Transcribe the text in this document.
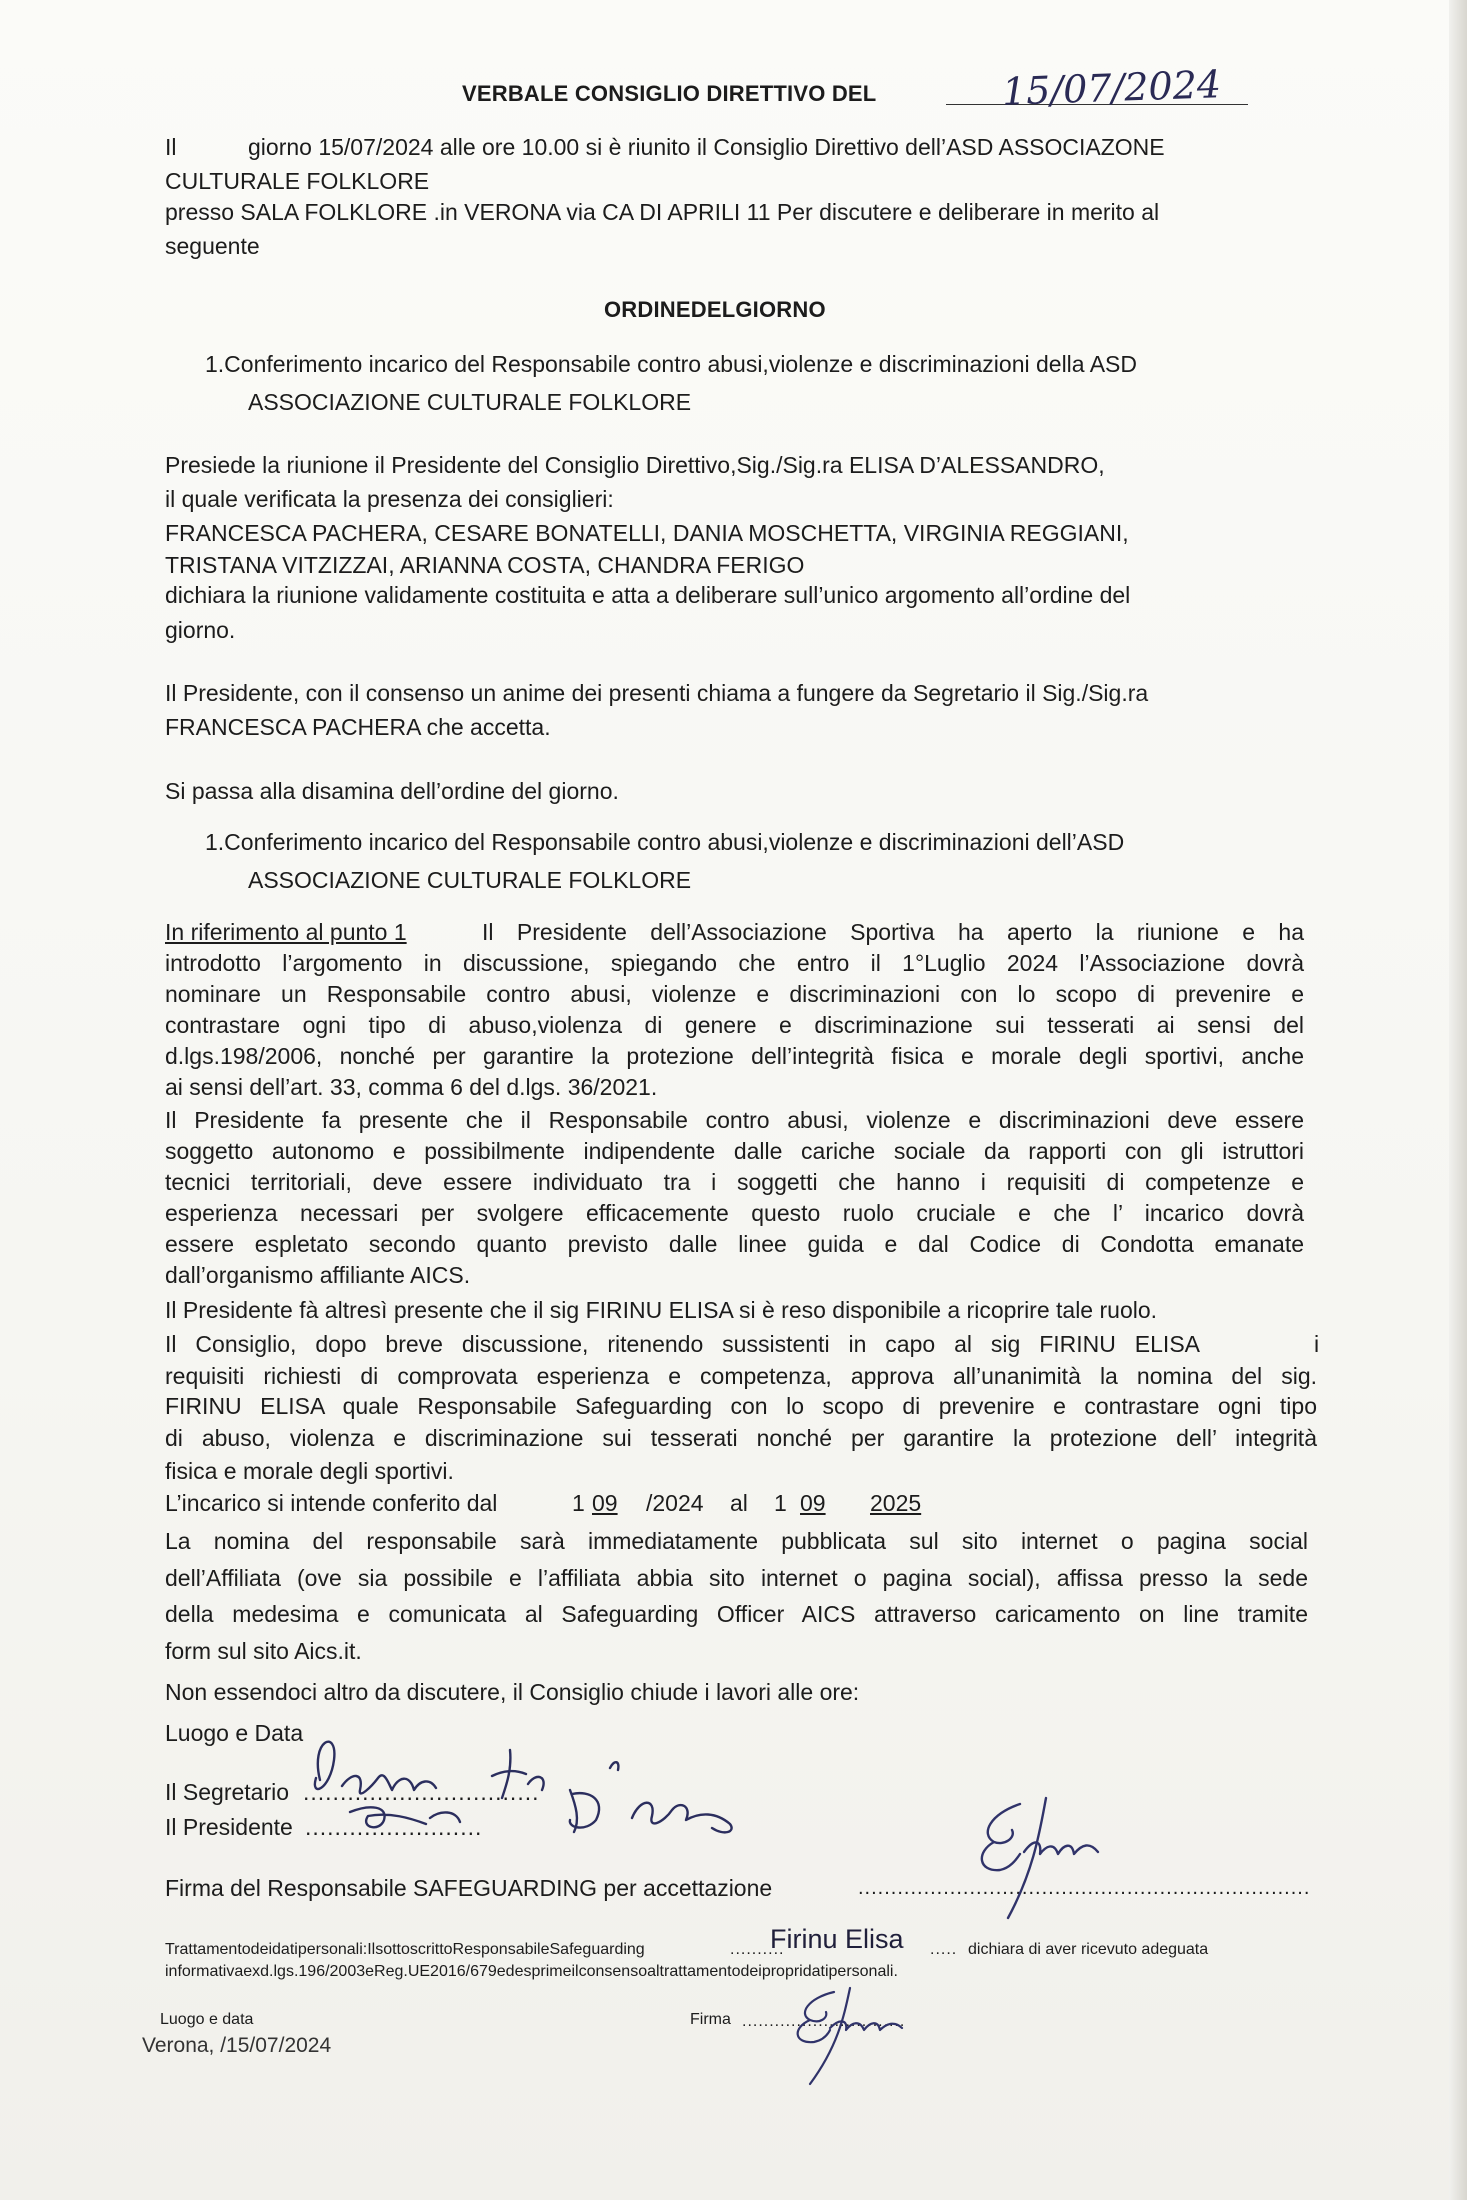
VERBALE CONSIGLIO DIRETTIVO DEL	15/07/2024
Il	giorno 15/07/2024 alle ore 10.00 si è riunito il Consiglio Direttivo dell’ASD ASSOCIAZONE
CULTURALE FOLKLORE
presso SALA FOLKLORE .in VERONA via CA DI APRILI 11 Per discutere e deliberare in merito al
seguente
ORDINEDELGIORNO
1.Conferimento incarico del Responsabile contro abusi,violenze e discriminazioni della ASD
ASSOCIAZIONE CULTURALE FOLKLORE
Presiede la riunione il Presidente del Consiglio Direttivo,Sig./Sig.ra ELISA D’ALESSANDRO,
il quale verificata la presenza dei consiglieri:
FRANCESCA PACHERA, CESARE BONATELLI, DANIA MOSCHETTA, VIRGINIA REGGIANI,
TRISTANA VITZIZZAI, ARIANNA COSTA, CHANDRA FERIGO
dichiara la riunione validamente costituita e atta a deliberare sull’unico argomento all’ordine del
giorno.
Il Presidente, con il consenso un anime dei presenti chiama a fungere da Segretario il Sig./Sig.ra
FRANCESCA PACHERA che accetta.
Si passa alla disamina dell’ordine del giorno.
1.Conferimento incarico del Responsabile contro abusi,violenze e discriminazioni dell’ASD
ASSOCIAZIONE CULTURALE FOLKLORE
In riferimento al punto 1	Il Presidente dell’Associazione Sportiva ha aperto la riunione e ha
introdotto l’argomento in discussione, spiegando che entro il 1°Luglio 2024 l’Associazione dovrà
nominare un Responsabile contro abusi, violenze e discriminazioni con lo scopo di prevenire e
contrastare ogni tipo di abuso,violenza di genere e discriminazione sui tesserati ai sensi del
d.lgs.198/2006, nonché per garantire la protezione dell’integrità fisica e morale degli sportivi, anche
ai sensi dell’art. 33, comma 6 del d.lgs. 36/2021.
Il Presidente fa presente che il Responsabile contro abusi, violenze e discriminazioni deve essere
soggetto autonomo e possibilmente indipendente dalle cariche sociale da rapporti con gli istruttori
tecnici territoriali, deve essere individuato tra i soggetti che hanno i requisiti di competenze e
esperienza necessari per svolgere efficacemente questo ruolo cruciale e che l’ incarico dovrà
essere espletato secondo quanto previsto dalle linee guida e dal Codice di Condotta emanate
dall’organismo affiliante AICS.
Il Presidente fà altresì presente che il sig FIRINU ELISA si è reso disponibile a ricoprire tale ruolo.
Il Consiglio, dopo breve discussione, ritenendo sussistenti in capo al sig FIRINU ELISA	i
requisiti richiesti di comprovata esperienza e competenza, approva all’unanimità la nomina del sig.
FIRINU ELISA quale Responsabile Safeguarding con lo scopo di prevenire e contrastare ogni tipo
di abuso, violenza e discriminazione sui tesserati nonché per garantire la protezione dell’ integrità
fisica e morale degli sportivi.
L’incarico si intende conferito dal	1 09 /2024 al 1 09 2025
La nomina del responsabile sarà immediatamente pubblicata sul sito internet o pagina social
dell’Affiliata (ove sia possibile e l’affiliata abbia sito internet o pagina social), affissa presso la sede
della medesima e comunicata al Safeguarding Officer AICS attraverso caricamento on line tramite
form sul sito Aics.it.
Non essendoci altro da discutere, il Consiglio chiude i lavori alle ore:
Luogo e Data
Il Segretario ................................
Il Presidente ........................
Firma del Responsabile SAFEGUARDING per accettazione	.....................................................................
Trattamentodeidatipersonali:IlsottoscrittoResponsabileSafeguarding	..........
Firinu Elisa ..... dichiara di aver ricevuto adeguata
informativaexd.lgs.196/2003eReg.UE2016/679edesprimeilconsensoaltrattamentodeipropridatipersonali.
Luogo e data
Verona, /15/07/2024
Firma ..............................
